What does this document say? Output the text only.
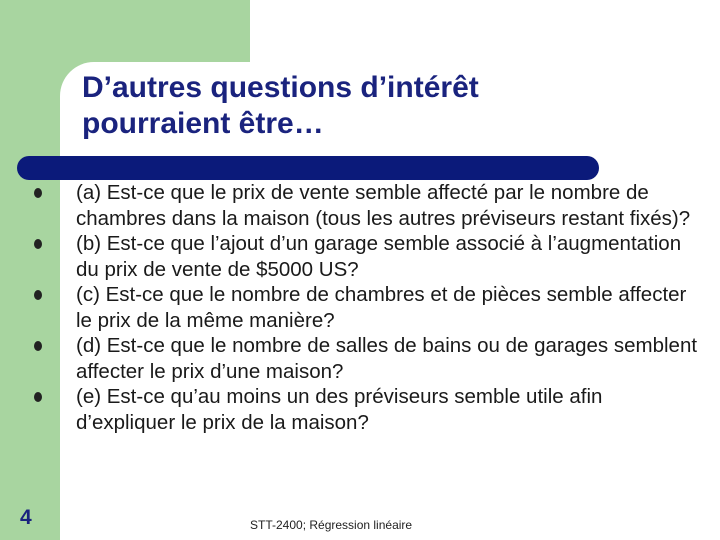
D’autres questions d’intérêt
pourraient être…
(a) Est-ce que le prix de vente semble affecté par le nombre de chambres dans la maison (tous les autres préviseurs restant fixés)?
(b) Est-ce que l’ajout d’un garage semble associé à l’augmentation du prix de vente de $5000 US?
(c) Est-ce que le nombre de chambres et de pièces semble affecter le prix de la même manière?
(d) Est-ce que le nombre de salles de bains ou de garages semblent affecter le prix d’une maison?
(e) Est-ce qu’au moins un des préviseurs semble utile afin d’expliquer le prix de la maison?
4	STT-2400; Régression linéaire
